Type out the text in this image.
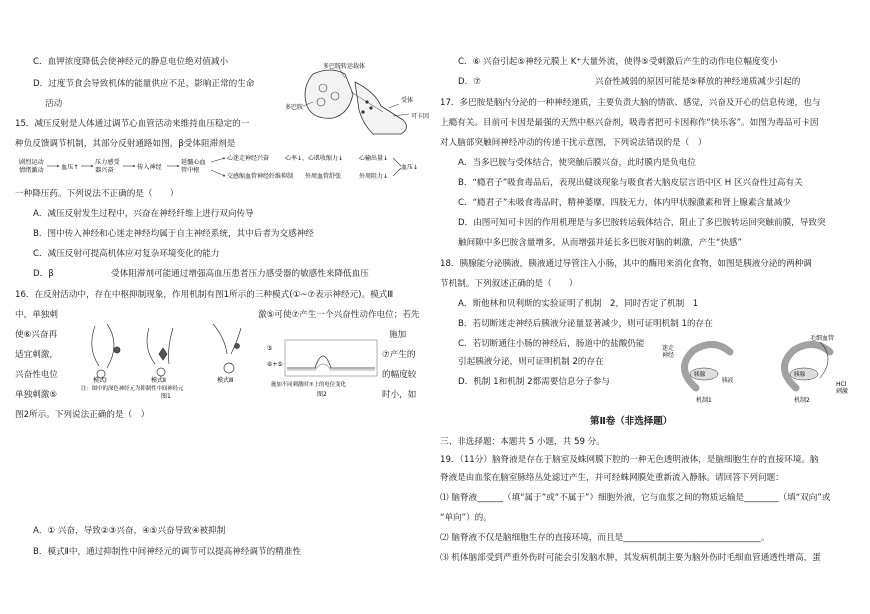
C．血钾浓度降低会使神经元的静息电位绝对值减小
D．过度节食会导致机体的能量供应不足，影响正常的生命
活动
多巴胺转运载体
受体
多巴胺
可卡因
15．减压反射是人体通过调节心血管活动来维持血压稳定的一
种负反馈调节机制，其部分反射通路如图，β受体阻滞剂是
剧烈运动情绪激动	血压↑
压力感受器兴奋	传入神经
延髓心血管中枢
心迷走神经兴奋	心率↓、心肌收缩力↓	心输出量↓
交感缩血管神经纤维抑制 外周血管舒张	外周阻力↓
血压↓
一种降压药。下列说法不正确的是（　　）
A．减压反射发生过程中，兴奋在神经纤维上进行双向传导
B．图中传入神经和心迷走神经均属于自主神经系统，其中后者为交感神经
C．减压反射可提高机体应对复杂环境变化的能力
D．β	受体阻滞剂可能通过增强高血压患者压力感受器的敏感性来降低血压
16．在反射活动中，存在中枢抑制现象，作用机制有图1所示的三种模式(①~⑦表示神经元)。模式Ⅲ
中，单独刺	激⑤可使⑦产生一个兴奋性动作电位；若先
使⑥兴奋再	施加
适宜刺激，	⑦产生的
兴奋性电位	的幅度较
单独刺激⑤	时小，如
图2所示。下列说法正确的是（　）
模式Ⅰ	模式Ⅱ	模式Ⅲ
注：图中的深色神经元为抑制性中间神经元
图1
⑤
⑥+⑤
施加不同刺激时⑦上的电位变化
图2
A．① 兴奋，导致②③兴奋，④⑤兴奋导致④被抑制
B．模式Ⅱ中，通过抑制性中间神经元的调节可以提高神经调节的精准性
C．⑥ 兴奋引起⑤神经元膜上 K⁺大量外流，使得⑤受刺激后产生的动作电位幅度变小
D．⑦	兴奋性减弱的原因可能是⑤释放的神经递质减少引起的
17．多巴胺是脑内分泌的一种神经递质，主要负责大脑的情欲、感觉，兴奋及开心的信息传递，也与
上瘾有关。目前可卡因是最强的天然中枢兴奋剂，吸毒者把可卡因称作“快乐客”。如图为毒品可卡因
对人脑部突触间神经冲动的传递干扰示意图，下列说法错误的是（　）
A．当多巴胺与受体结合，使突触后膜兴奋，此时膜内是负电位
B．“瘾君子”吸食毒品后，表现出健谈现象与吸食者大脑皮层言语中区 H 区兴奋性过高有关
C．“瘾君子”未吸食毒品时，精神萎靡，四肢无力，体内甲状腺激素和肾上腺素含量减少
D．由图可知可卡因的作用机理是与多巴胺转运载体结合，阻止了多巴胺转运回突触前膜，导致突
触间隙中多巴胺含量增多，从而增强并延长多巴胺对脑的刺激，产生“快感”
18．胰腺能分泌胰液，胰液通过导管注入小肠，其中的酶用来消化食物，如图是胰液分泌的两种调
节机制。下列叙述正确的是（　　）
A．斯他林和贝利斯的实验证明了机制　2，同时否定了机制　1
B．若切断迷走神经后胰液分泌量显著减少，则可证明机制 1的存在
C．若切断通往小肠的神经后，肠道中的盐酸仍能
引起胰液分泌，则可证明机制 2的存在
D．机制 1和机制 2都需要信息分子参与
迷走神经
胰腺
胰液
胰腺
毛细血管
HCl 刺激
机制1	机制2
第Ⅱ卷（非选择题）
三、非选择题：本题共 5 小题，共 59 分。
19．（11分）脑脊液是存在于脑室及蛛网膜下腔的一种无色透明液体，是脑细胞生存的直接环境。脑
脊液是由血浆在脑室脉络丛处滤过产生，并可经蛛网膜处重新流入静脉。请回答下列问题：
⑴ 脑脊液______（填“属于”或“不属于”）细胞外液，它与血浆之间的物质运输是________（填“双向”或
“单向”）的。
⑵ 脑脊液不仅是脑细胞生存的直接环境，而且是________________________________。
⑶ 机体脑部受到严重外伤时可能会引发脑水肿，其发病机制主要为脑外伤时毛细血管通透性增高，蛋
